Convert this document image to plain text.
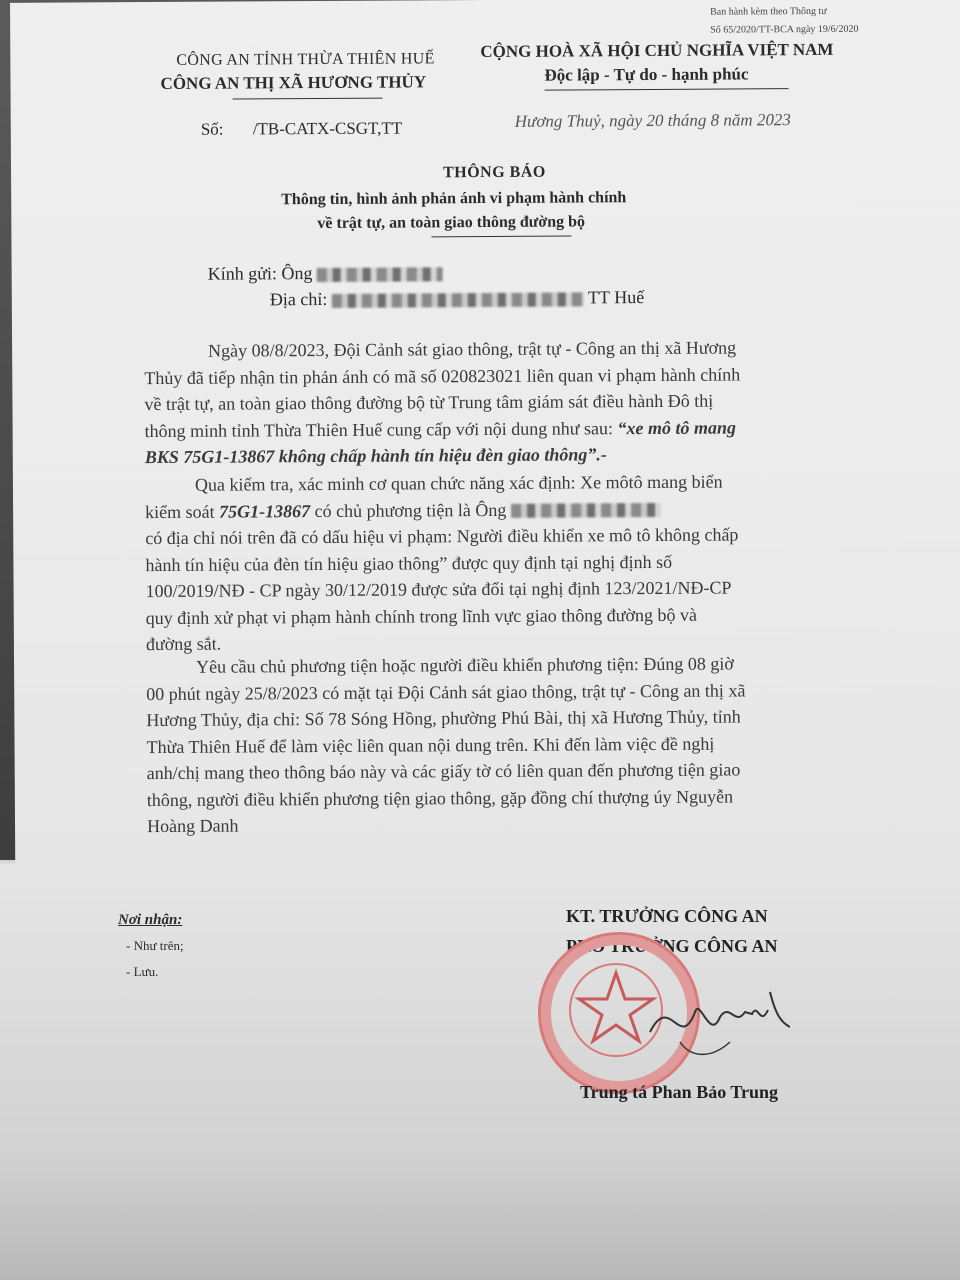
Nơi nhận:
- Như trên;
- Lưu.
KT. TRƯỞNG CÔNG AN
PHÓ TRƯỞNG CÔNG AN
Trung tá Phan Bảo Trung
Ban hành kèm theo Thông tư
Số 65/2020/TT-BCA ngày 19/6/2020
CÔNG AN TỈNH THỪA THIÊN HUẾ
CÔNG AN THỊ XÃ HƯƠNG THỦY
CỘNG HOÀ XÃ HỘI CHỦ NGHĨA VIỆT NAM
Độc lập - Tự do - hạnh phúc
Số: /TB-CATX-CSGT,TT	Hương Thuỷ, ngày 20 tháng 8 năm 2023
THÔNG BÁO
Thông tin, hình ảnh phản ánh vi phạm hành chính
về trật tự, an toàn giao thông đường bộ
Kính gửi: Ông
Địa chỉ:	TT Huế
Ngày 08/8/2023, Đội Cảnh sát giao thông, trật tự - Công an thị xã Hương
Thủy đã tiếp nhận tin phản ánh có mã số 020823021 liên quan vi phạm hành chính
về trật tự, an toàn giao thông đường bộ từ Trung tâm giám sát điều hành Đô thị
thông minh tỉnh Thừa Thiên Huế cung cấp với nội dung như sau: “xe mô tô mang
BKS 75G1-13867 không chấp hành tín hiệu đèn giao thông”.-
Qua kiểm tra, xác minh cơ quan chức năng xác định: Xe môtô mang biển
kiểm soát 75G1-13867 có chủ phương tiện là Ông
có địa chỉ nói trên đã có dấu hiệu vi phạm: Người điều khiển xe mô tô không chấp
hành tín hiệu của đèn tín hiệu giao thông” được quy định tại nghị định số
100/2019/NĐ - CP ngày 30/12/2019 được sửa đổi tại nghị định 123/2021/NĐ-CP
quy định xử phạt vi phạm hành chính trong lĩnh vực giao thông đường bộ và
đường sắt.
Yêu cầu chủ phương tiện hoặc người điều khiển phương tiện: Đúng 08 giờ
00 phút ngày 25/8/2023 có mặt tại Đội Cảnh sát giao thông, trật tự - Công an thị xã
Hương Thủy, địa chỉ: Số 78 Sóng Hồng, phường Phú Bài, thị xã Hương Thủy, tỉnh
Thừa Thiên Huế để làm việc liên quan nội dung trên. Khi đến làm việc đề nghị
anh/chị mang theo thông báo này và các giấy tờ có liên quan đến phương tiện giao
thông, người điều khiển phương tiện giao thông, gặp đồng chí thượng úy Nguyễn
Hoàng Danh
